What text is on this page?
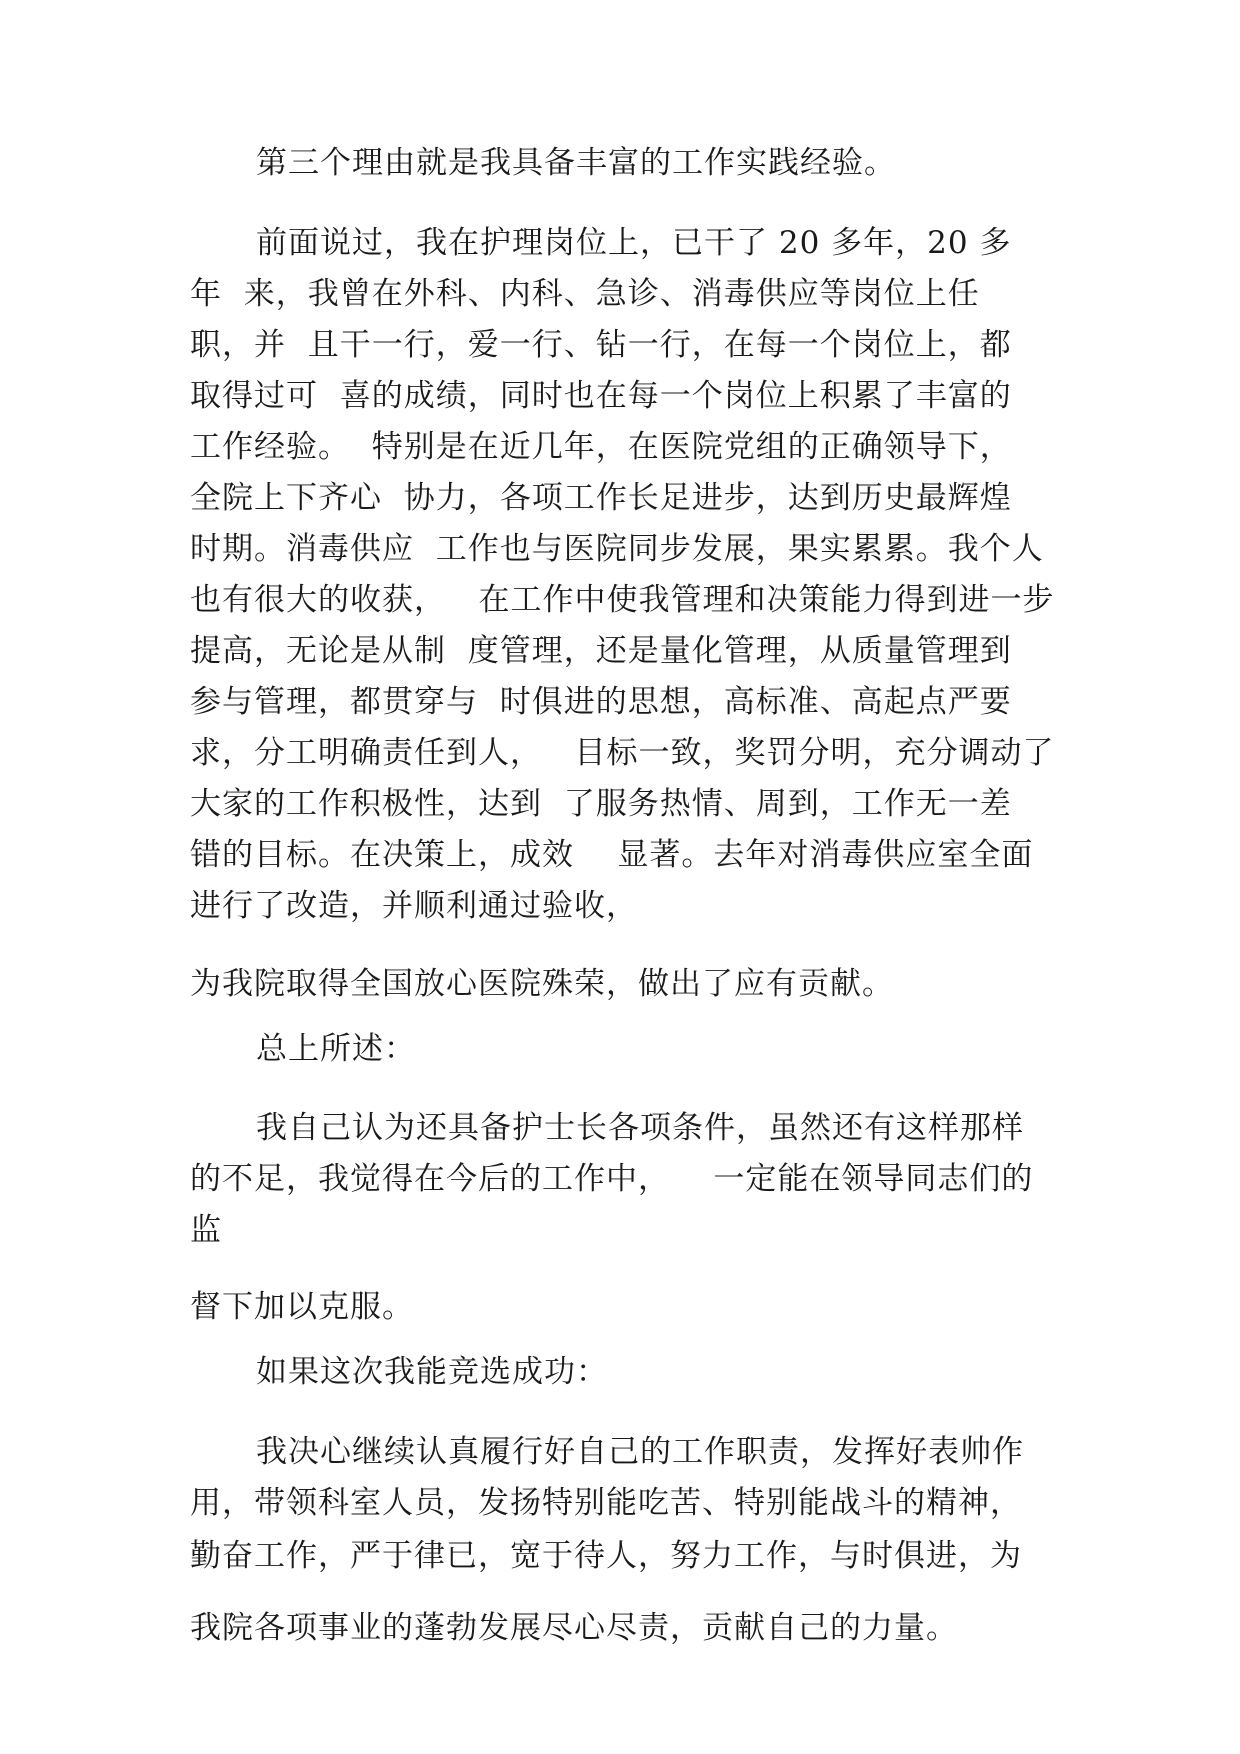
第三个理由就是我具备丰富的工作实践经验。
前面说过，我在护理岗位上，已干了 20 多年，20 多
年  来，我曾在外科、内科、急诊、消毒供应等岗位上任
职，并  且干一行，爱一行、钻一行，在每一个岗位上，都
取得过可  喜的成绩，同时也在每一个岗位上积累了丰富的
工作经验。  特别是在近几年，在医院党组的正确领导下，
全院上下齐心  协力，各项工作长足进步，达到历史最辉煌
时期。消毒供应  工作也与医院同步发展，果实累累。我个人
也有很大的收获，   在工作中使我管理和决策能力得到进一步
提高，无论是从制  度管理，还是量化管理，从质量管理到
参与管理，都贯穿与  时俱进的思想，高标准、高起点严要
求，分工明确责任到人，   目标一致，奖罚分明，充分调动了
大家的工作积极性，达到  了服务热情、周到，工作无一差
错的目标。在决策上，成效    显著。去年对消毒供应室全面
进行了改造，并顺利通过验收，
为我院取得全国放心医院殊荣，做出了应有贡献。
总上所述：
我自己认为还具备护士长各项条件，虽然还有这样那样
的不足，我觉得在今后的工作中，    一定能在领导同志们的
监
督下加以克服。
如果这次我能竞选成功：
我决心继续认真履行好自己的工作职责，发挥好表帅作
用，带领科室人员，发扬特别能吃苦、特别能战斗的精神，
勤奋工作，严于律已，宽于待人，努力工作，与时俱进，为
我院各项事业的蓬勃发展尽心尽责，贡献自己的力量。
